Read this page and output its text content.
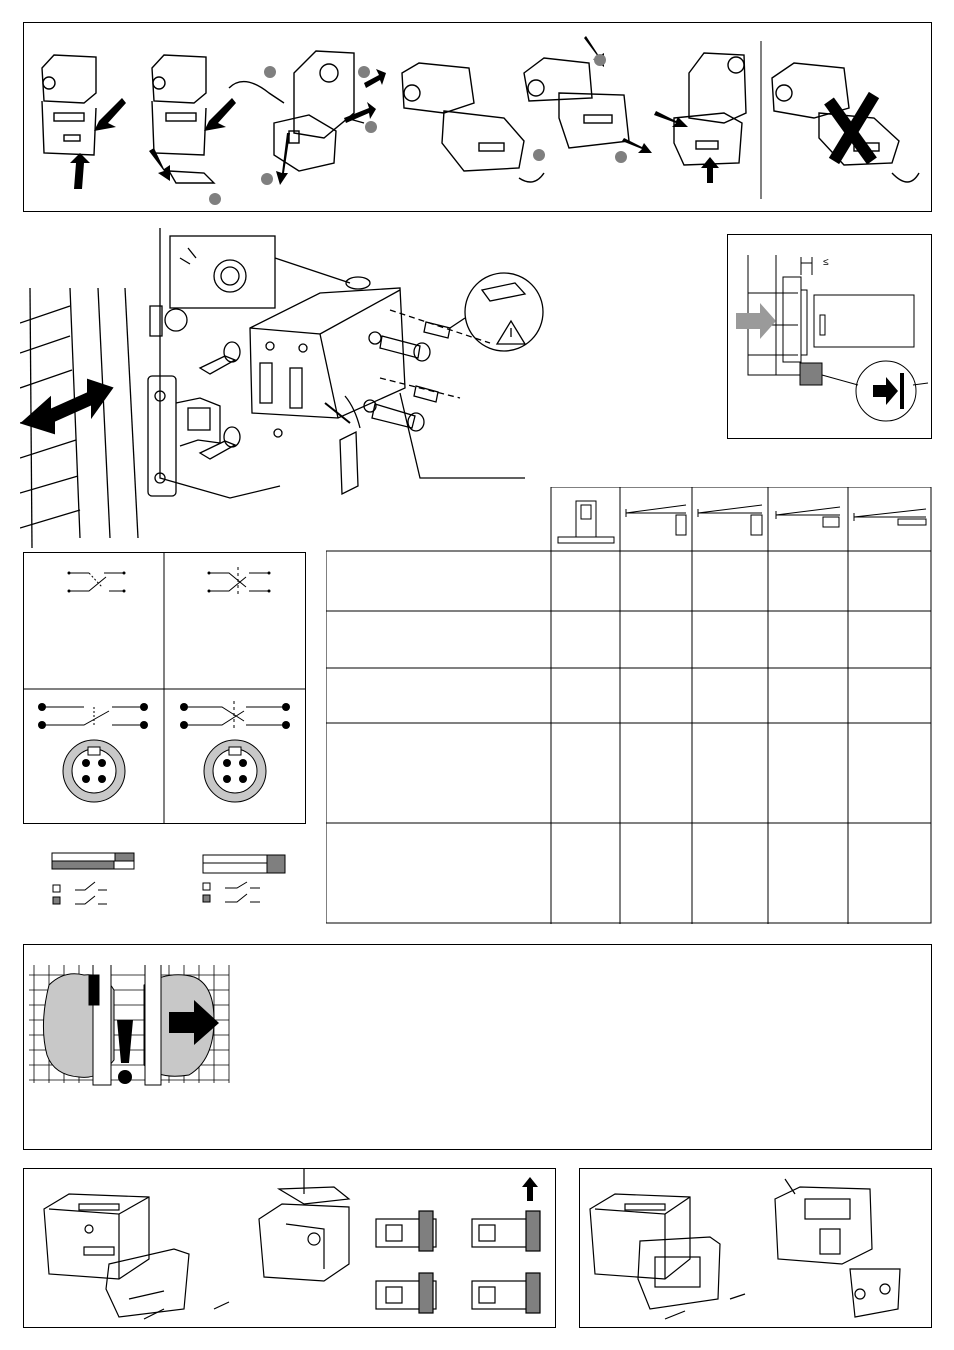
≤
